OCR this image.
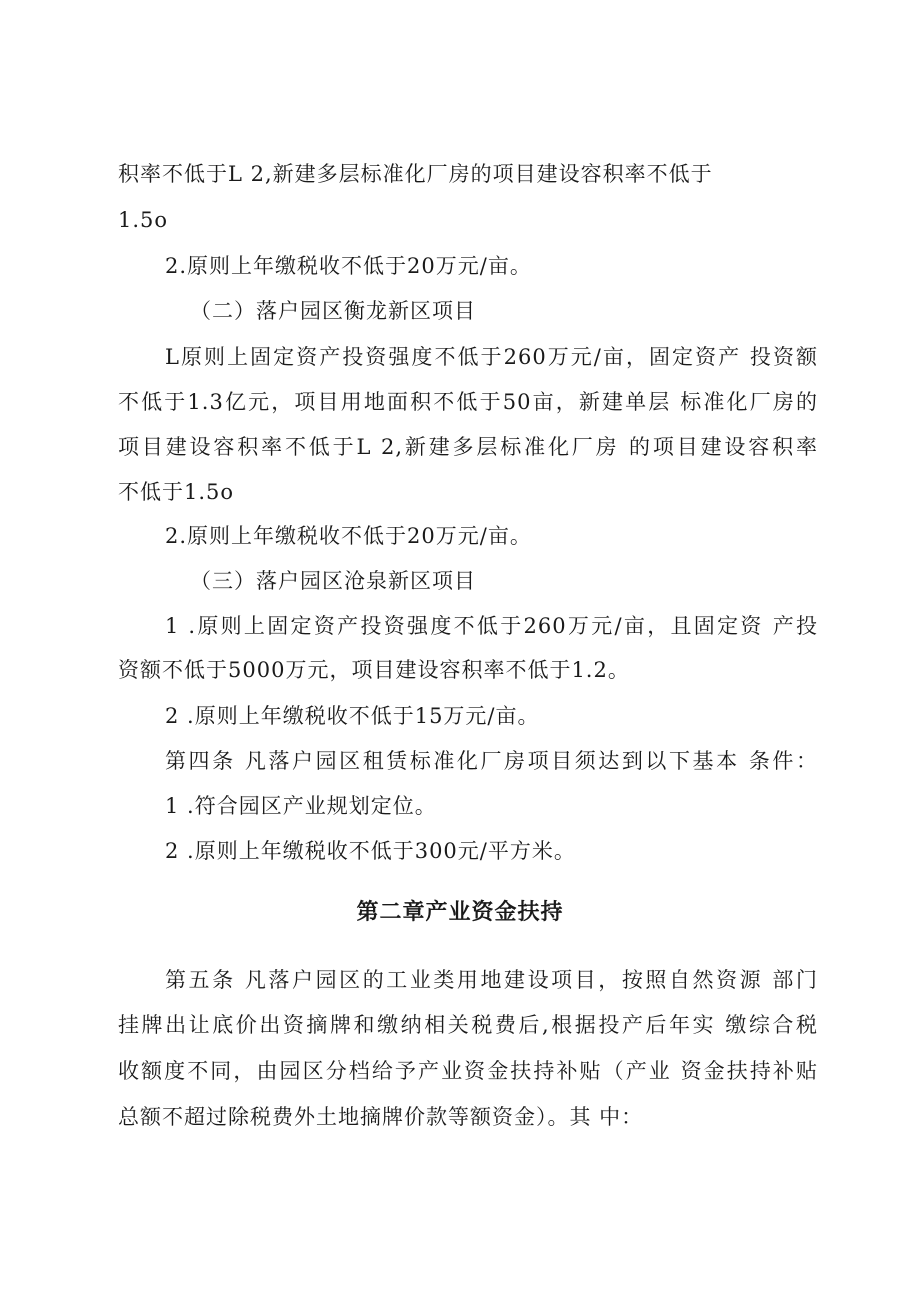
积率不低于L 2,新建多层标准化厂房的项目建设容积率不低于
1.5o
2.原则上年缴税收不低于20万元/亩。
（二）落户园区衡龙新区项目
L原则上固定资产投资强度不低于260万元/亩，固定资产 投资额
不低于1.3亿元，项目用地面积不低于50亩，新建单层 标准化厂房的
项目建设容积率不低于L 2,新建多层标准化厂房 的项目建设容积率
不低于1.5o
2.原则上年缴税收不低于20万元/亩。
（三）落户园区沧泉新区项目
1 .原则上固定资产投资强度不低于260万元/亩，且固定资 产投
资额不低于5000万元，项目建设容积率不低于1.2。
2 .原则上年缴税收不低于15万元/亩。
第四条 凡落户园区租赁标准化厂房项目须达到以下基本 条件：
1 .符合园区产业规划定位。
2 .原则上年缴税收不低于300元/平方米。
第二章产业资金扶持
第五条 凡落户园区的工业类用地建设项目，按照自然资源 部门
挂牌出让底价出资摘牌和缴纳相关税费后,根据投产后年实 缴综合税
收额度不同，由园区分档给予产业资金扶持补贴（产业 资金扶持补贴
总额不超过除税费外土地摘牌价款等额资金）。其 中：
